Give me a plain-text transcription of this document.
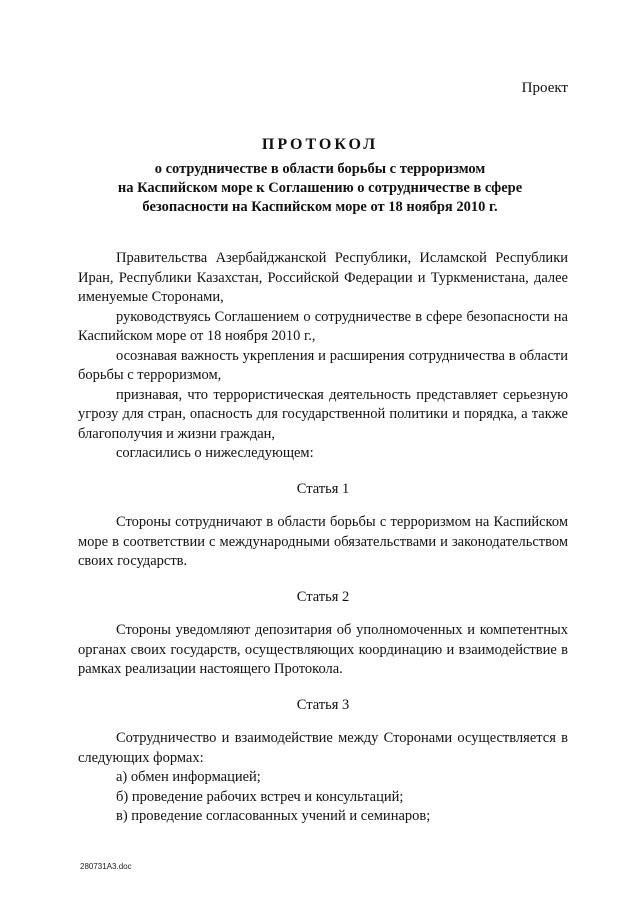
Проект
ПРОТОКОЛ
о сотрудничестве в области борьбы с терроризмом
на Каспийском море к Соглашению о сотрудничестве в сфере
безопасности на Каспийском море от 18 ноября 2010 г.

Правительства Азербайджанской Республики, Исламской Республики Иран, Республики Казахстан, Российской Федерации и Туркменистана, далее именуемые Сторонами,

руководствуясь Соглашением о сотрудничестве в сфере безопасности на Каспийском море от 18 ноября 2010 г.,

осознавая важность укрепления и расширения сотрудничества в области борьбы с терроризмом,

признавая, что террористическая деятельность представляет серьезную угрозу для стран, опасность для государственной политики и порядка, а также благополучия и жизни граждан,

согласились о нижеследующем:

Статья 1

Стороны сотрудничают в области борьбы с терроризмом на Каспийском море в соответствии с международными обязательствами и законодательством своих государств.

Статья 2

Стороны уведомляют депозитария об уполномоченных и компетентных органах своих государств, осуществляющих координацию и взаимодействие в рамках реализации настоящего Протокола.

Статья 3

Сотрудничество и взаимодействие между Сторонами осуществляется в следующих формах:

а) обмен информацией;

б) проведение рабочих встреч и консультаций;

в) проведение согласованных учений и семинаров;

280731А3.doc
